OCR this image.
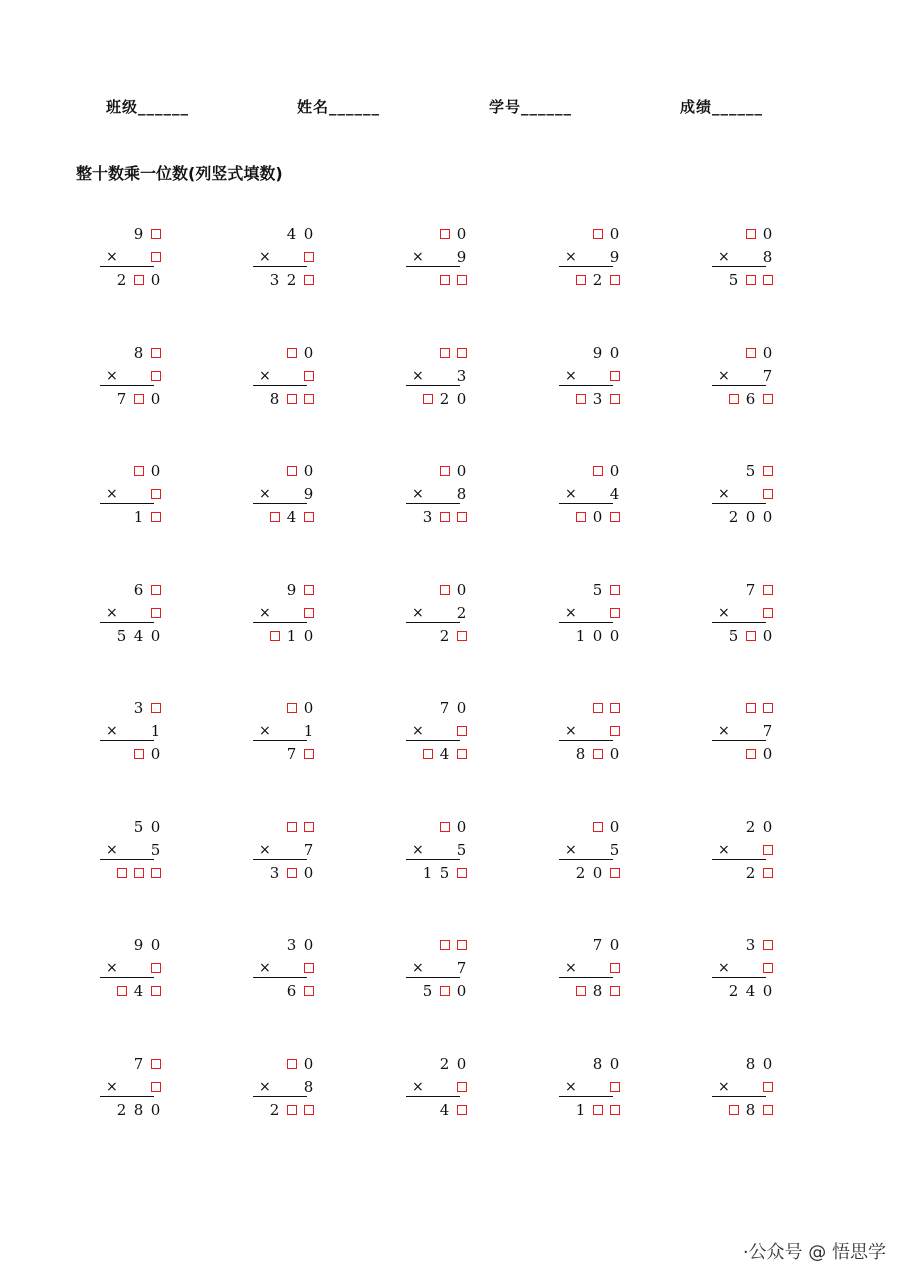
班级______	姓名______	学号______	成绩______
整十数乘一位数(列竖式填数)
9
×
2 0
4 0
×
3 2
0
× 9
0
× 9
2
0
× 8
5
8
×
7 0
0
×
8
× 3
2 0
9 0
×
3
0
× 7
6
0
×
1
0
× 9
4
0
× 8
3
0
× 4
0
5
×
2 0 0
6
×
5 4 0
9
×
1 0
0
× 2
2
5
×
1 0 0
7
×
5 0
3
× 1
0
0
× 1
7
7 0
×
4
×
8 0
× 7
0
5 0
× 5	× 7
3 0
0
× 5
1 5
0
× 5
2 0
2 0
×
2
9 0
×
4
3 0
×
6
× 7
5 0
7 0
×
8
3
×
2 4 0
7
×
2 8 0
0
× 8
2
2 0
×
4
8 0
×
1
8 0
×
8
·公众号 @ 悟思学
